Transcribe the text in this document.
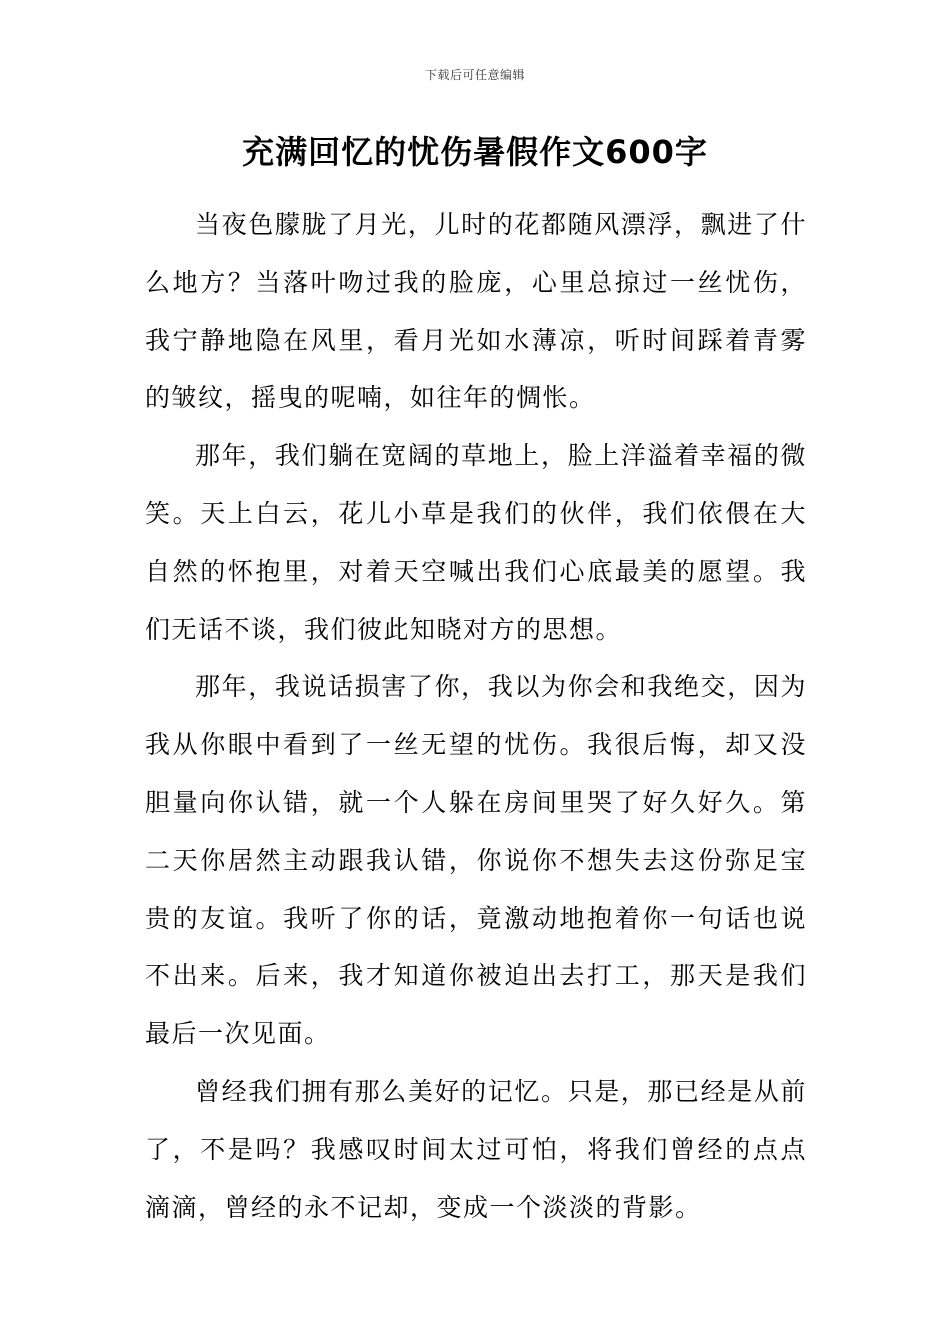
下载后可任意编辑
充满回忆的忧伤暑假作文600字

当夜色朦胧了月光，儿时的花都随风漂浮，飘进了什么地方？当落叶吻过我的脸庞，心里总掠过一丝忧伤，我宁静地隐在风里，看月光如水薄凉，听时间踩着青雾的皱纹，摇曳的呢喃，如往年的惆怅。

那年，我们躺在宽阔的草地上，脸上洋溢着幸福的微笑。天上白云，花儿小草是我们的伙伴，我们依偎在大自然的怀抱里，对着天空喊出我们心底最美的愿望。我们无话不谈，我们彼此知晓对方的思想。

那年，我说话损害了你，我以为你会和我绝交，因为我从你眼中看到了一丝无望的忧伤。我很后悔，却又没胆量向你认错，就一个人躲在房间里哭了好久好久。第二天你居然主动跟我认错，你说你不想失去这份弥足宝贵的友谊。我听了你的话，竟激动地抱着你一句话也说不出来。后来，我才知道你被迫出去打工，那天是我们最后一次见面。

曾经我们拥有那么美好的记忆。只是，那已经是从前了，不是吗？我感叹时间太过可怕，将我们曾经的点点滴滴，曾经的永不记却，变成一个淡淡的背影。
